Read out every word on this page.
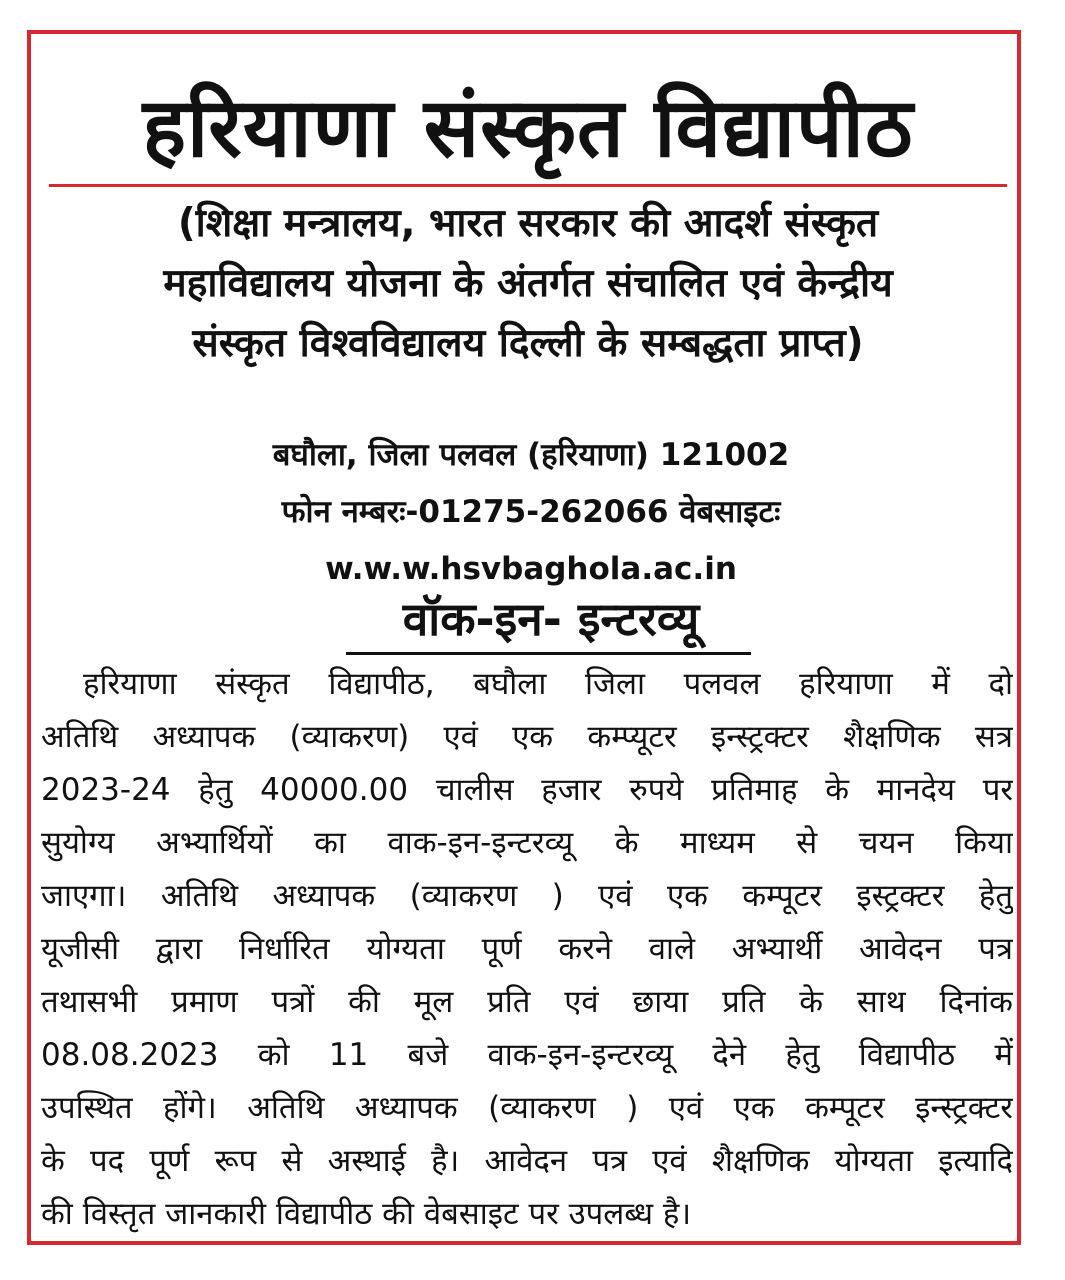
हरियाणा संस्कृत विद्यापीठ
(शिक्षा मन्त्रालय, भारत सरकार की आदर्श संस्कृत
महाविद्यालय योजना के अंतर्गत संचालित एवं केन्द्रीय
संस्कृत विश्वविद्यालय दिल्ली के सम्बद्धता प्राप्त)
बघौला, जिला पलवल (हरियाणा) 121002
फोन नम्बरः-01275-262066 वेबसाइटः
w.w.w.hsvbaghola.ac.in
वॉक-इन- इन्टरव्यू
हरियाणा संस्कृत विद्यापीठ, बघौला जिला पलवल हरियाणा में दो
अतिथि अध्यापक (व्याकरण) एवं एक कम्प्यूटर इन्स्ट्रक्टर शैक्षणिक सत्र
2023-24 हेतु 40000.00 चालीस हजार रुपये प्रतिमाह के मानदेय पर
सुयोग्य अभ्यार्थियों का वाक-इन-इन्टरव्यू के माध्यम से चयन किया
जाएगा। अतिथि अध्यापक (व्याकरण ) एवं एक कम्पूटर इस्ट्रक्टर हेतु
यूजीसी द्वारा निर्धारित योग्यता पूर्ण करने वाले अभ्यार्थी आवेदन पत्र
तथासभी प्रमाण पत्रों की मूल प्रति एवं छाया प्रति के साथ दिनांक
08.08.2023 को 11 बजे वाक-इन-इन्टरव्यू देने हेतु विद्यापीठ में
उपस्थित होंगे। अतिथि अध्यापक (व्याकरण ) एवं एक कम्पूटर इन्स्ट्रक्टर
के पद पूर्ण रूप से अस्थाई है। आवेदन पत्र एवं शैक्षणिक योग्यता इत्यादि
की विस्तृत जानकारी विद्यापीठ की वेबसाइट पर उपलब्ध है।
